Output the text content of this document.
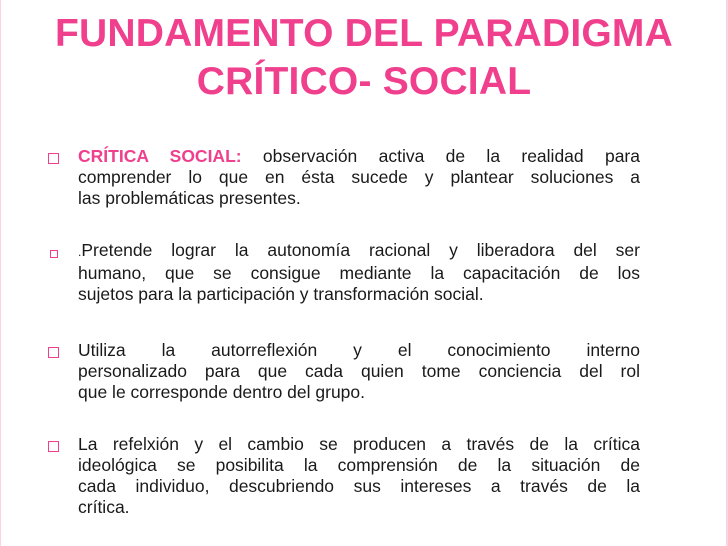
FUNDAMENTO DEL PARADIGMA
CRÍTICO- SOCIAL
CRÍTICA SOCIAL: observación activa de la realidad para
comprender lo que en ésta sucede y plantear soluciones a
las problemáticas presentes.
.Pretende lograr la autonomía racional y liberadora del ser
humano, que se consigue mediante la capacitación de los
sujetos para la participación y transformación social.
Utiliza la autorreflexión y el conocimiento interno
personalizado para que cada quien tome conciencia del rol
que le corresponde dentro del grupo.
La refelxión y el cambio se producen a través de la crítica
ideológica se posibilita la comprensión de la situación de
cada individuo, descubriendo sus intereses a través de la
crítica.
